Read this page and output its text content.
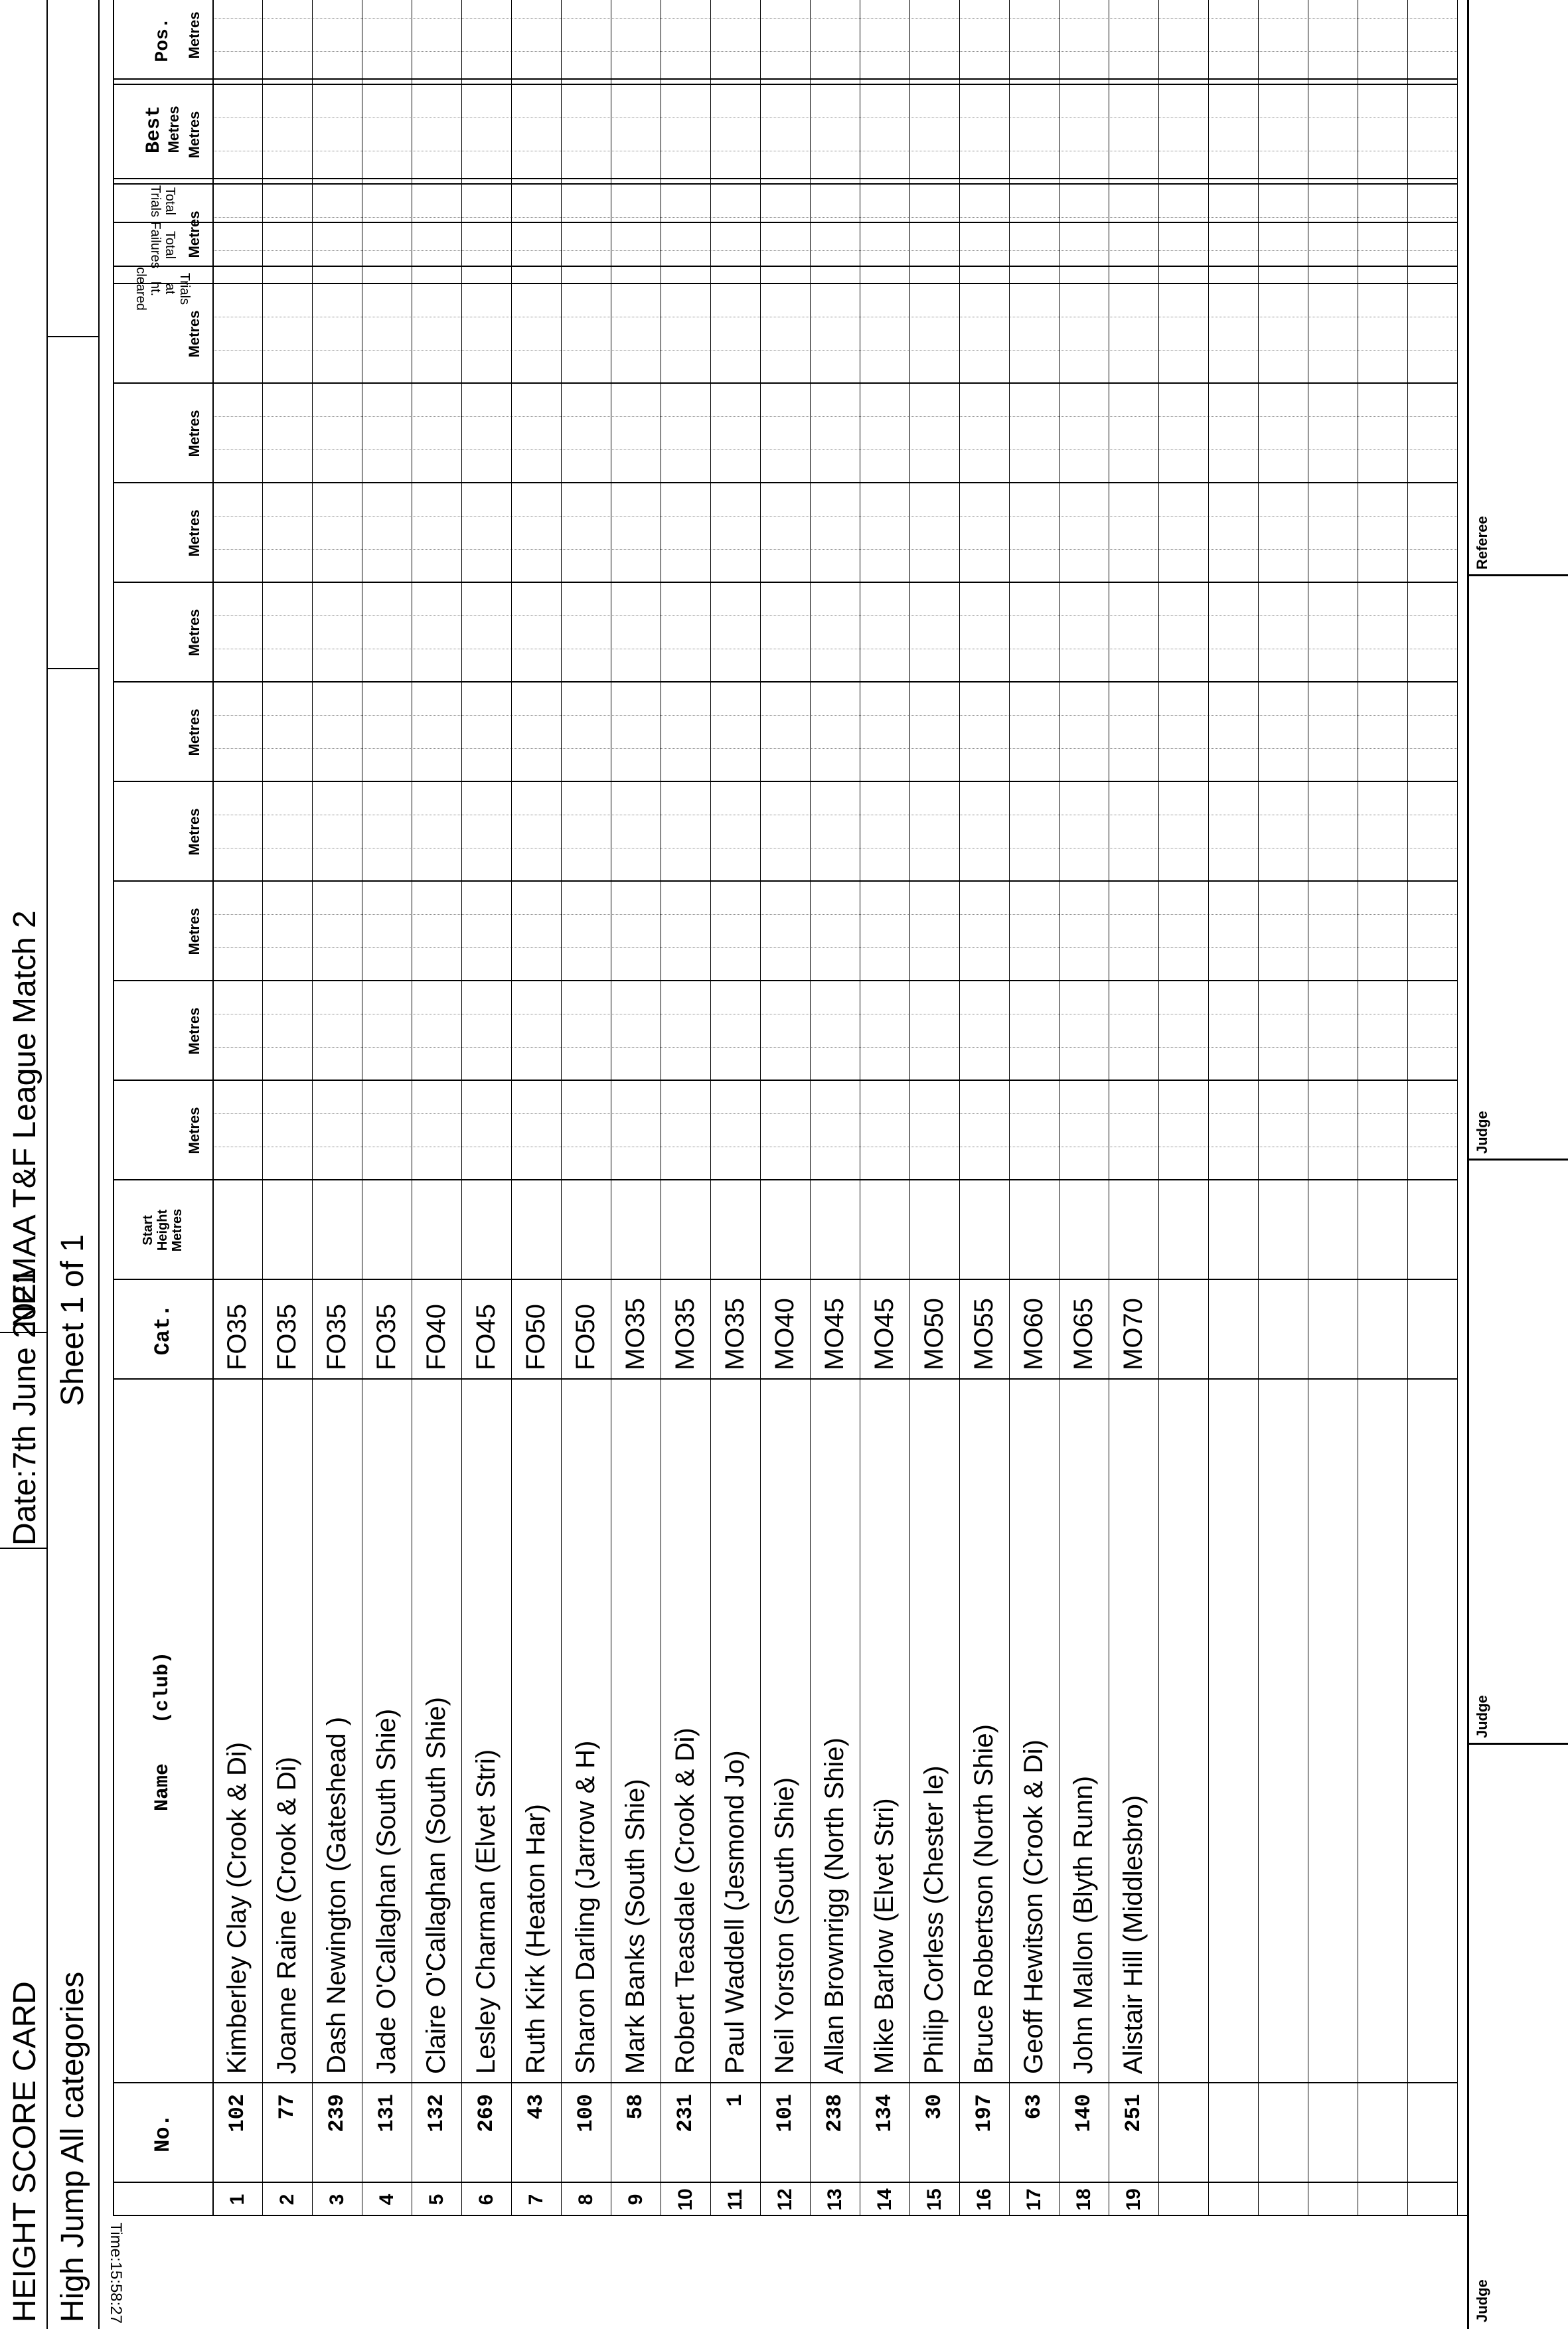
HEIGHT SCORE CARD
Date:7th June 2021
NEMAA T&F League Match 2
High Jump All categories
Sheet 1 of 1
Time:15:58:27
No.
Name
(club)
Cat.
Start Height Metres
Trials at
ht. cleared
Total
Failures
Total
Trials
Best Metres
Pos.
Judge
Judge
Judge
Referee
Metres
Metres
Metres
Metres
Metres
Metres
Metres
Metres
Metres
Metres
Metres
Metres
1
102
Kimberley Clay (Crook & Di)
FO35
2
77
Joanne Raine (Crook & Di)
FO35
3
239
Dash Newington (Gateshead )
FO35
4
131
Jade O'Callaghan (South Shie)
FO35
5
132
Claire O'Callaghan (South Shie)
FO40
6
269
Lesley Charman (Elvet Stri)
FO45
7
43
Ruth Kirk (Heaton Har)
FO50
8
100
Sharon Darling (Jarrow & H)
FO50
9
58
Mark Banks (South Shie)
MO35
10
231
Robert Teasdale (Crook & Di)
MO35
11
1
Paul Waddell (Jesmond Jo)
MO35
12
101
Neil Yorston (South Shie)
MO40
13
238
Allan Brownrigg (North Shie)
MO45
14
134
Mike Barlow (Elvet Stri)
MO45
15
30
Philip Corless (Chester le)
MO50
16
197
Bruce Robertson (North Shie)
MO55
17
63
Geoff Hewitson (Crook & Di)
MO60
18
140
John Mallon (Blyth Runn)
MO65
19
251
Alistair Hill (Middlesbro)
MO70
